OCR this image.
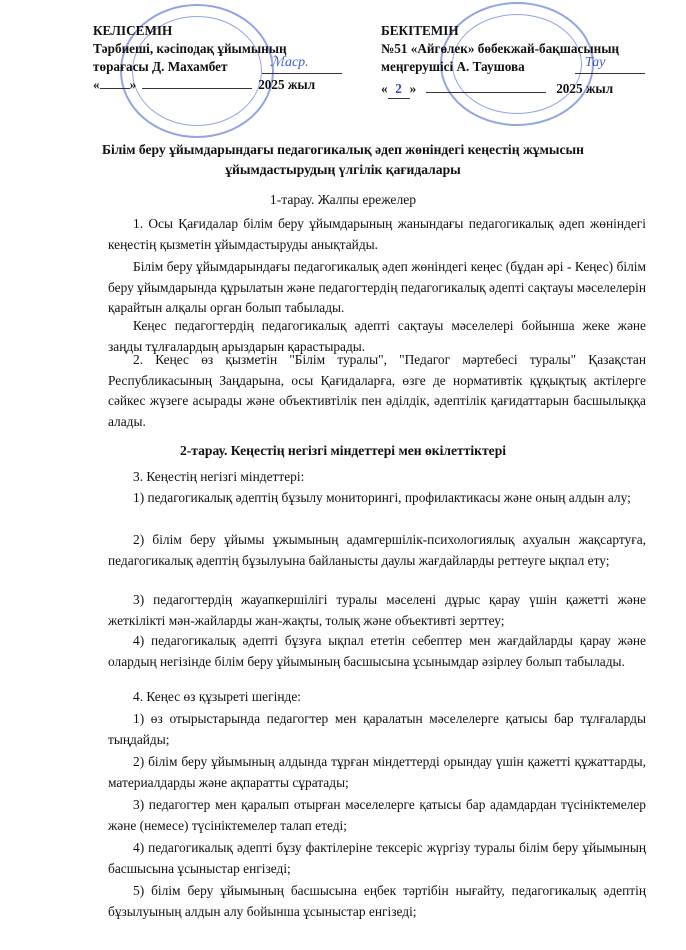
КЕЛІСЕМІН
Тәрбиеші, кәсіподақ ұйымының
төрағасы Д. Махамбет	ℳаср.
« »	2025 жыл
БЕКІТЕМІН
№51 «Айгөлек» бөбекжай-бақшасының
меңгерушісі А. Таушова	Тау
« 2 »	2025 жыл
Білім беру ұйымдарындағы педагогикалық әдеп жөніндегі кеңестің жұмысын
ұйымдастырудың үлгілік қағидалары
1-тарау. Жалпы ережелер
1. Осы Қағидалар білім беру ұйымдарының жанындағы педагогикалық әдеп жөніндегі кеңестің қызметін ұйымдастыруды анықтайды.
Білім беру ұйымдарындағы педагогикалық әдеп жөніндегі кеңес (бұдан әрі - Кеңес) білім беру ұйымдарында құрылатын және педагогтердің педагогикалық әдепті сақтауы мәселелерін қарайтын алқалы орган болып табылады.
Кеңес педагогтердің педагогикалық әдепті сақтауы мәселелері бойынша жеке және заңды тұлғалардың арыздарын қарастырады.
2. Кеңес өз қызметін "Білім туралы", "Педагог мәртебесі туралы" Қазақстан Республикасының Заңдарына, осы Қағидаларға, өзге де нормативтік құқықтық актілерге сәйкес жүзеге асырады және объективтілік пен әділдік, әдептілік қағидаттарын басшылыққа алады.
2-тарау. Кеңестің негізгі міндеттері мен өкілеттіктері
3. Кеңестің негізгі міндеттері:
1) педагогикалық әдептің бұзылу мониторингі, профилактикасы және оның алдын алу;
2) білім беру ұйымы ұжымының адамгершілік-психологиялық ахуалын жақсартуға, педагогикалық әдептің бұзылуына байланысты даулы жағдайларды реттеуге ықпал ету;
3) педагогтердің жауапкершілігі туралы мәселені дұрыс қарау үшін қажетті және жеткілікті мән-жайларды жан-жақты, толық және объективті зерттеу;
4) педагогикалық әдепті бұзуға ықпал ететін себептер мен жағдайларды қарау және олардың негізінде білім беру ұйымының басшысына ұсынымдар әзірлеу болып табылады.
4. Кеңес өз құзыреті шегінде:
1) өз отырыстарында педагогтер мен қаралатын мәселелерге қатысы бар тұлғаларды тыңдайды;
2) білім беру ұйымының алдында тұрған міндеттерді орындау үшін қажетті құжаттарды, материалдарды және ақпаратты сұратады;
3) педагогтер мен қаралып отырған мәселелерге қатысы бар адамдардан түсініктемелер және (немесе) түсініктемелер талап етеді;
4) педагогикалық әдепті бұзу фактілеріне тексеріс жүргізу туралы білім беру ұйымының басшысына ұсыныстар енгізеді;
5) білім беру ұйымының басшысына еңбек тәртібін нығайту, педагогикалық әдептің бұзылуының алдын алу бойынша ұсыныстар енгізеді;
